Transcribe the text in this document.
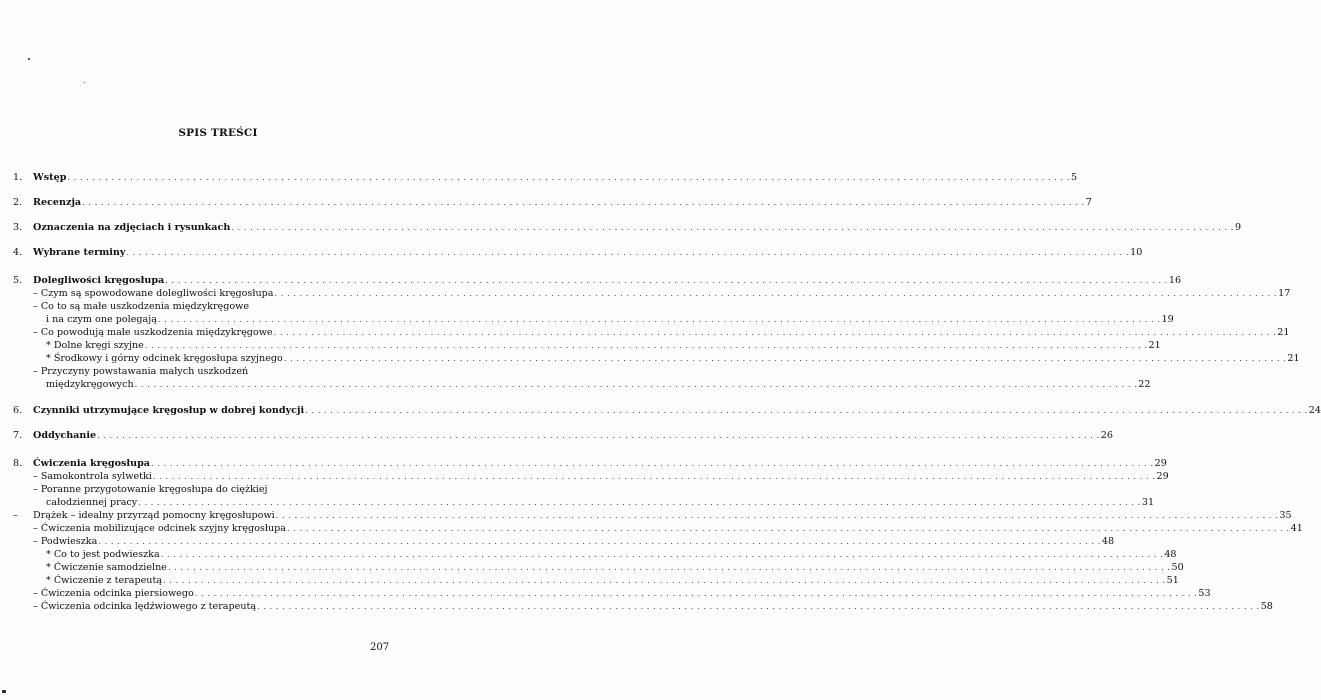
SPIS TREŚCI
1. Wstęp . . . . . . . . . . . . . . . . . . . . . . . . . . . . . . . . . . . . . . . . . . . . . . . . . . . . . . . . . . . . . . . . . . . . . . . . . . . . . . . . . . . . . . . . . . . . . . . . . . . . . . . . . . . . . . . . . . . . . . . . . . . . . . . . . . . . . . . . . . . . . . . . . . . . . . . . . . . . . . . . 5
2. Recenzja . . . . . . . . . . . . . . . . . . . . . . . . . . . . . . . . . . . . . . . . . . . . . . . . . . . . . . . . . . . . . . . . . . . . . . . . . . . . . . . . . . . . . . . . . . . . . . . . . . . . . . . . . . . . . . . . . . . . . . . . . . . . . . . . . . . . . . . . . . . . . . . . . . . . . . . . . . . . . . . . 7
3. Oznaczenia na zdjęciach i rysunkach . . . . . . . . . . . . . . . . . . . . . . . . . . . . . . . . . . . . . . . . . . . . . . . . . . . . . . . . . . . . . . . . . . . . . . . . . . . . . . . . . . . . . . . . . . . . . . . . . . . . . . . . . . . . . . . . . . . . . . . . . . . . . . . . . . . . . . . . . . . . . . . . . . . . . . . . . . . . . . . . 9
4. Wybrane terminy . . . . . . . . . . . . . . . . . . . . . . . . . . . . . . . . . . . . . . . . . . . . . . . . . . . . . . . . . . . . . . . . . . . . . . . . . . . . . . . . . . . . . . . . . . . . . . . . . . . . . . . . . . . . . . . . . . . . . . . . . . . . . . . . . . . . . . . . . . . . . . . . . . . . . . . . . . . . . . . . 10
5. Dolegliwości kręgosłupa . . . . . . . . . . . . . . . . . . . . . . . . . . . . . . . . . . . . . . . . . . . . . . . . . . . . . . . . . . . . . . . . . . . . . . . . . . . . . . . . . . . . . . . . . . . . . . . . . . . . . . . . . . . . . . . . . . . . . . . . . . . . . . . . . . . . . . . . . . . . . . . . . . . . . . . . . . . . . . . . 16
– Czym są spowodowane dolegliwości kręgosłupa . . . . . . . . . . . . . . . . . . . . . . . . . . . . . . . . . . . . . . . . . . . . . . . . . . . . . . . . . . . . . . . . . . . . . . . . . . . . . . . . . . . . . . . . . . . . . . . . . . . . . . . . . . . . . . . . . . . . . . . . . . . . . . . . . . . . . . . . . . . . . . . . . . . . . . . . . . . . . . . . 17
– Co to są małe uszkodzenia międzykręgowe
i na czym one polegają . . . . . . . . . . . . . . . . . . . . . . . . . . . . . . . . . . . . . . . . . . . . . . . . . . . . . . . . . . . . . . . . . . . . . . . . . . . . . . . . . . . . . . . . . . . . . . . . . . . . . . . . . . . . . . . . . . . . . . . . . . . . . . . . . . . . . . . . . . . . . . . . . . . . . . . . . . . . . . . . 19
– Co powodują małe uszkodzenia międzykręgowe . . . . . . . . . . . . . . . . . . . . . . . . . . . . . . . . . . . . . . . . . . . . . . . . . . . . . . . . . . . . . . . . . . . . . . . . . . . . . . . . . . . . . . . . . . . . . . . . . . . . . . . . . . . . . . . . . . . . . . . . . . . . . . . . . . . . . . . . . . . . . . . . . . . . . . . . . . . . . . . . 21
* Dolne kręgi szyjne . . . . . . . . . . . . . . . . . . . . . . . . . . . . . . . . . . . . . . . . . . . . . . . . . . . . . . . . . . . . . . . . . . . . . . . . . . . . . . . . . . . . . . . . . . . . . . . . . . . . . . . . . . . . . . . . . . . . . . . . . . . . . . . . . . . . . . . . . . . . . . . . . . . . . . . . . . . . . . . . 21
* Środkowy i górny odcinek kręgosłupa szyjnego . . . . . . . . . . . . . . . . . . . . . . . . . . . . . . . . . . . . . . . . . . . . . . . . . . . . . . . . . . . . . . . . . . . . . . . . . . . . . . . . . . . . . . . . . . . . . . . . . . . . . . . . . . . . . . . . . . . . . . . . . . . . . . . . . . . . . . . . . . . . . . . . . . . . . . . . . . . . . . . . 21
– Przyczyny powstawania małych uszkodzeń
międzykręgowych . . . . . . . . . . . . . . . . . . . . . . . . . . . . . . . . . . . . . . . . . . . . . . . . . . . . . . . . . . . . . . . . . . . . . . . . . . . . . . . . . . . . . . . . . . . . . . . . . . . . . . . . . . . . . . . . . . . . . . . . . . . . . . . . . . . . . . . . . . . . . . . . . . . . . . . . . . . . . . . . 22
6. Czynniki utrzymujące kręgosłup w dobrej kondycji . . . . . . . . . . . . . . . . . . . . . . . . . . . . . . . . . . . . . . . . . . . . . . . . . . . . . . . . . . . . . . . . . . . . . . . . . . . . . . . . . . . . . . . . . . . . . . . . . . . . . . . . . . . . . . . . . . . . . . . . . . . . . . . . . . . . . . . . . . . . . . . . . . . . . . . . . . . . . . . . 24
7. Oddychanie . . . . . . . . . . . . . . . . . . . . . . . . . . . . . . . . . . . . . . . . . . . . . . . . . . . . . . . . . . . . . . . . . . . . . . . . . . . . . . . . . . . . . . . . . . . . . . . . . . . . . . . . . . . . . . . . . . . . . . . . . . . . . . . . . . . . . . . . . . . . . . . . . . . . . . . . . . . . . . . . 26
8. Ćwiczenia kręgosłupa . . . . . . . . . . . . . . . . . . . . . . . . . . . . . . . . . . . . . . . . . . . . . . . . . . . . . . . . . . . . . . . . . . . . . . . . . . . . . . . . . . . . . . . . . . . . . . . . . . . . . . . . . . . . . . . . . . . . . . . . . . . . . . . . . . . . . . . . . . . . . . . . . . . . . . . . . . . . . . . . 29
– Samokontrola sylwetki . . . . . . . . . . . . . . . . . . . . . . . . . . . . . . . . . . . . . . . . . . . . . . . . . . . . . . . . . . . . . . . . . . . . . . . . . . . . . . . . . . . . . . . . . . . . . . . . . . . . . . . . . . . . . . . . . . . . . . . . . . . . . . . . . . . . . . . . . . . . . . . . . . . . . . . . . . . . . . . . 29
– Poranne przygotowanie kręgosłupa do ciężkiej
całodziennej pracy . . . . . . . . . . . . . . . . . . . . . . . . . . . . . . . . . . . . . . . . . . . . . . . . . . . . . . . . . . . . . . . . . . . . . . . . . . . . . . . . . . . . . . . . . . . . . . . . . . . . . . . . . . . . . . . . . . . . . . . . . . . . . . . . . . . . . . . . . . . . . . . . . . . . . . . . . . . . . . . . 31
– Drążek – idealny przyrząd pomocny kręgosłupowi . . . . . . . . . . . . . . . . . . . . . . . . . . . . . . . . . . . . . . . . . . . . . . . . . . . . . . . . . . . . . . . . . . . . . . . . . . . . . . . . . . . . . . . . . . . . . . . . . . . . . . . . . . . . . . . . . . . . . . . . . . . . . . . . . . . . . . . . . . . . . . . . . . . . . . . . . . . . . . . . 35
– Ćwiczenia mobilizujące odcinek szyjny kręgosłupa . . . . . . . . . . . . . . . . . . . . . . . . . . . . . . . . . . . . . . . . . . . . . . . . . . . . . . . . . . . . . . . . . . . . . . . . . . . . . . . . . . . . . . . . . . . . . . . . . . . . . . . . . . . . . . . . . . . . . . . . . . . . . . . . . . . . . . . . . . . . . . . . . . . . . . . . . . . . . . . . 41
– Podwieszka . . . . . . . . . . . . . . . . . . . . . . . . . . . . . . . . . . . . . . . . . . . . . . . . . . . . . . . . . . . . . . . . . . . . . . . . . . . . . . . . . . . . . . . . . . . . . . . . . . . . . . . . . . . . . . . . . . . . . . . . . . . . . . . . . . . . . . . . . . . . . . . . . . . . . . . . . . . . . . . . 48
* Co to jest podwieszka . . . . . . . . . . . . . . . . . . . . . . . . . . . . . . . . . . . . . . . . . . . . . . . . . . . . . . . . . . . . . . . . . . . . . . . . . . . . . . . . . . . . . . . . . . . . . . . . . . . . . . . . . . . . . . . . . . . . . . . . . . . . . . . . . . . . . . . . . . . . . . . . . . . . . . . . . . . . . . . . 48
* Ćwiczenie samodzielne . . . . . . . . . . . . . . . . . . . . . . . . . . . . . . . . . . . . . . . . . . . . . . . . . . . . . . . . . . . . . . . . . . . . . . . . . . . . . . . . . . . . . . . . . . . . . . . . . . . . . . . . . . . . . . . . . . . . . . . . . . . . . . . . . . . . . . . . . . . . . . . . . . . . . . . . . . . . . . . . 50
* Ćwiczenie z terapeutą . . . . . . . . . . . . . . . . . . . . . . . . . . . . . . . . . . . . . . . . . . . . . . . . . . . . . . . . . . . . . . . . . . . . . . . . . . . . . . . . . . . . . . . . . . . . . . . . . . . . . . . . . . . . . . . . . . . . . . . . . . . . . . . . . . . . . . . . . . . . . . . . . . . . . . . . . . . . . . . . 51
– Ćwiczenia odcinka piersiowego . . . . . . . . . . . . . . . . . . . . . . . . . . . . . . . . . . . . . . . . . . . . . . . . . . . . . . . . . . . . . . . . . . . . . . . . . . . . . . . . . . . . . . . . . . . . . . . . . . . . . . . . . . . . . . . . . . . . . . . . . . . . . . . . . . . . . . . . . . . . . . . . . . . . . . . . . . . . . . . . 53
– Ćwiczenia odcinka lędźwiowego z terapeutą . . . . . . . . . . . . . . . . . . . . . . . . . . . . . . . . . . . . . . . . . . . . . . . . . . . . . . . . . . . . . . . . . . . . . . . . . . . . . . . . . . . . . . . . . . . . . . . . . . . . . . . . . . . . . . . . . . . . . . . . . . . . . . . . . . . . . . . . . . . . . . . . . . . . . . . . . . . . . . . . 58
207
